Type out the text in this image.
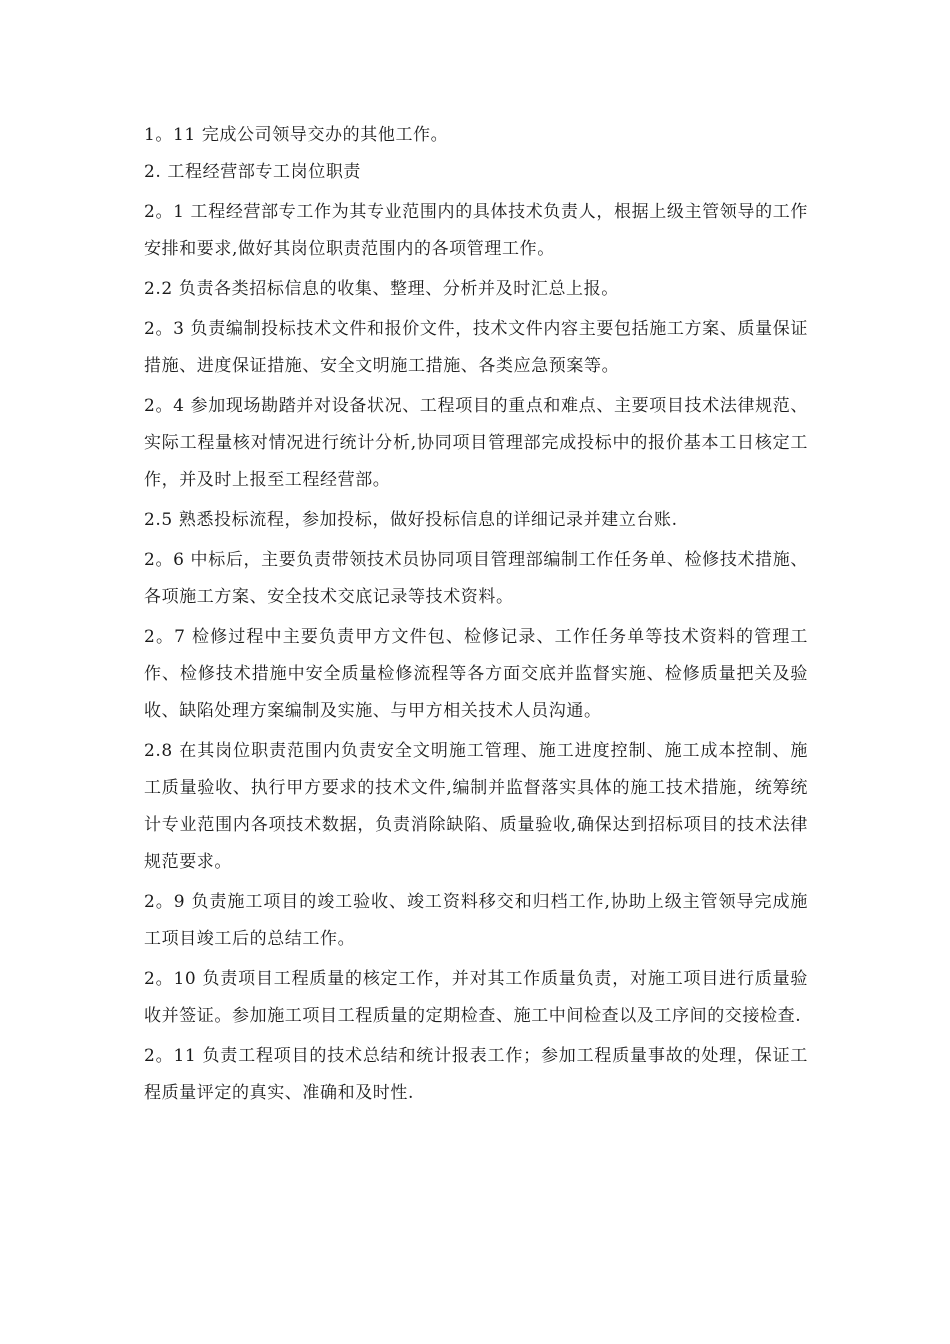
1。11 完成公司领导交办的其他工作。

2. 工程经营部专工岗位职责

2。1 工程经营部专工作为其专业范围内的具体技术负责人，根据上级主管领导的工作安排和要求,做好其岗位职责范围内的各项管理工作。

2.2 负责各类招标信息的收集、整理、分析并及时汇总上报。

2。3 负责编制投标技术文件和报价文件，技术文件内容主要包括施工方案、质量保证措施、进度保证措施、安全文明施工措施、各类应急预案等。

2。4 参加现场勘踏并对设备状况、工程项目的重点和难点、主要项目技术法律规范、实际工程量核对情况进行统计分析,协同项目管理部完成投标中的报价基本工日核定工作，并及时上报至工程经营部。

2.5 熟悉投标流程，参加投标，做好投标信息的详细记录并建立台账.

2。6 中标后，主要负责带领技术员协同项目管理部编制工作任务单、检修技术措施、各项施工方案、安全技术交底记录等技术资料。

2。7 检修过程中主要负责甲方文件包、检修记录、工作任务单等技术资料的管理工作、检修技术措施中安全质量检修流程等各方面交底并监督实施、检修质量把关及验收、缺陷处理方案编制及实施、与甲方相关技术人员沟通。

2.8 在其岗位职责范围内负责安全文明施工管理、施工进度控制、施工成本控制、施工质量验收、执行甲方要求的技术文件,编制并监督落实具体的施工技术措施，统筹统计专业范围内各项技术数据，负责消除缺陷、质量验收,确保达到招标项目的技术法律规范要求。

2。9 负责施工项目的竣工验收、竣工资料移交和归档工作,协助上级主管领导完成施工项目竣工后的总结工作。

2。10 负责项目工程质量的核定工作，并对其工作质量负责，对施工项目进行质量验收并签证。参加施工项目工程质量的定期检查、施工中间检查以及工序间的交接检查.

2。11 负责工程项目的技术总结和统计报表工作；参加工程质量事故的处理，保证工程质量评定的真实、准确和及时性.
